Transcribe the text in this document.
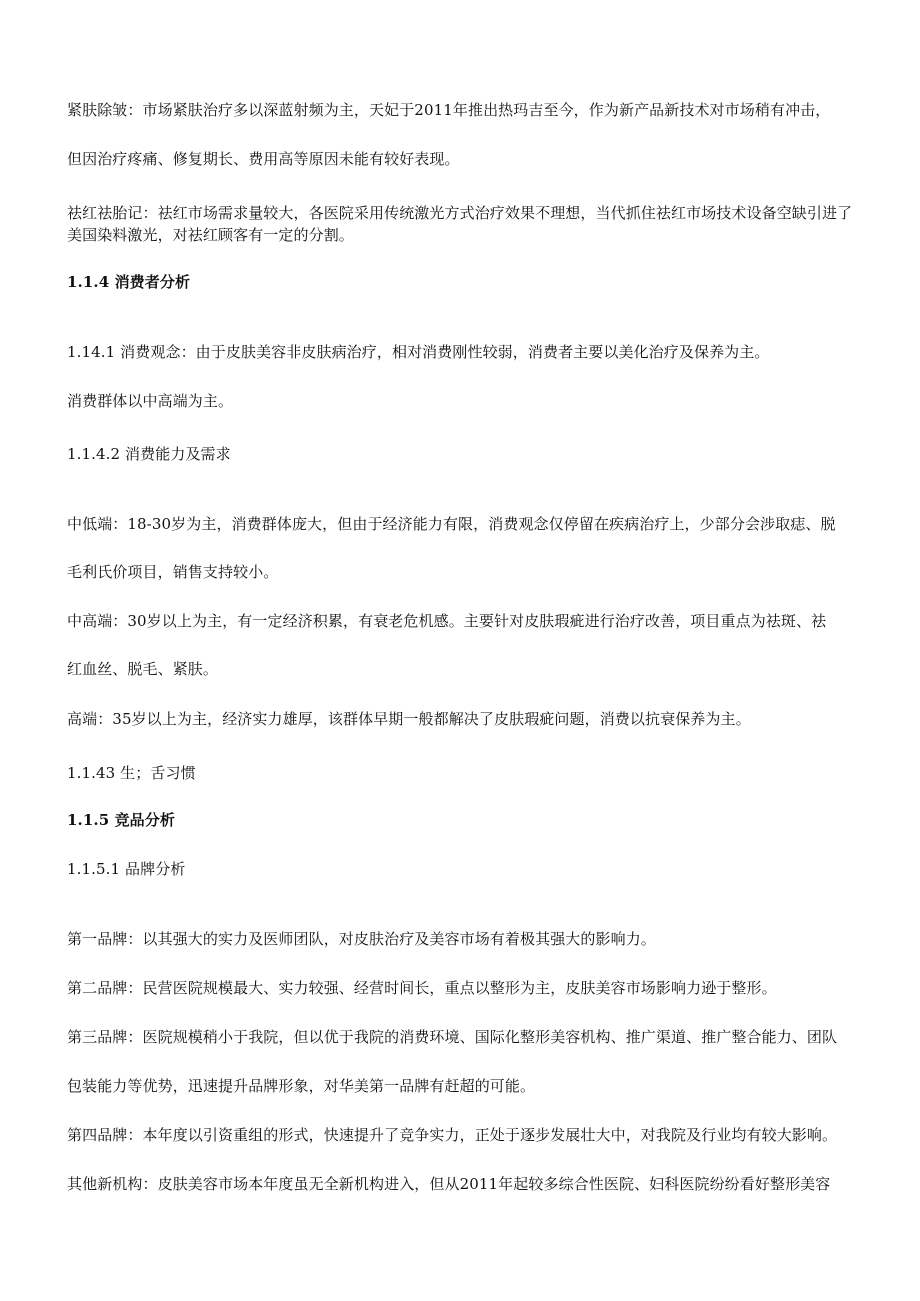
紧肤除皱：市场紧肤治疗多以深蓝射频为主，天妃于2011年推出热玛吉至今，作为新产品新技术对市场稍有冲击，
但因治疗疼痛、修复期长、费用高等原因未能有较好表现。
祛红祛胎记：祛红市场需求量较大，各医院采用传统激光方式治疗效果不理想，当代抓住祛红市场技术设备空缺引进了美国染料激光，对祛红顾客有一定的分割。
1.1.4 消费者分析
1.14.1 消费观念：由于皮肤美容非皮肤病治疗，相对消费刚性较弱，消费者主要以美化治疗及保养为主。
消费群体以中高端为主。
1.1.4.2 消费能力及需求
中低端：18-30岁为主，消费群体庞大，但由于经济能力有限，消费观念仅停留在疾病治疗上，少部分会涉取痣、脱
毛利氏价项目，销售支持较小。
中高端：30岁以上为主，有一定经济积累，有衰老危机感。主要针对皮肤瑕疵进行治疗改善，项目重点为祛斑、祛
红血丝、脱毛、紧肤。
高端：35岁以上为主，经济实力雄厚，该群体早期一般都解决了皮肤瑕疵问题，消费以抗衰保养为主。
1.1.43 生；舌习惯
1.1.5 竞品分析
1.1.5.1 品牌分析
第一品牌：以其强大的实力及医师团队，对皮肤治疗及美容市场有着极其强大的影响力。
第二品牌：民营医院规模最大、实力较强、经营时间长，重点以整形为主，皮肤美容市场影响力逊于整形。
第三品牌：医院规模稍小于我院，但以优于我院的消费环境、国际化整形美容机构、推广渠道、推广整合能力、团队
包装能力等优势，迅速提升品牌形象，对华美第一品牌有赶超的可能。
第四品牌：本年度以引资重组的形式，快速提升了竞争实力，正处于逐步发展壮大中，对我院及行业均有较大影响。
其他新机构：皮肤美容市场本年度虽无全新机构进入，但从2011年起较多综合性医院、妇科医院纷纷看好整形美容
